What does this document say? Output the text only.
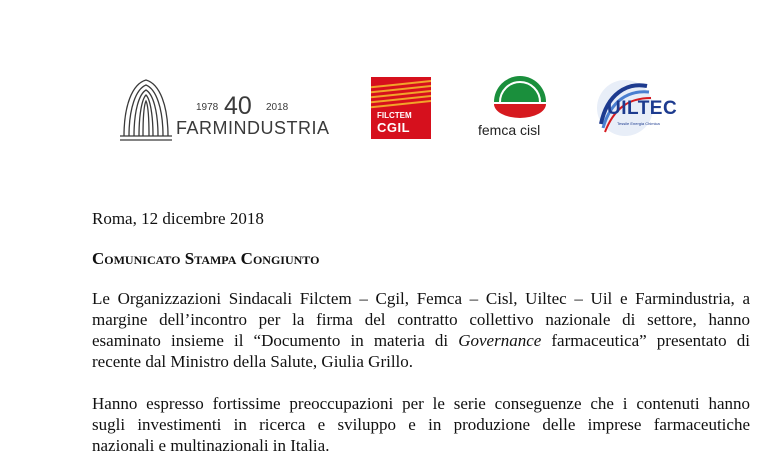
1978 40 2018
FARMINDUSTRIA
FILCTEM
CGIL	femca cisl
UILTEC
Tessile Energia Chimica
Roma, 12 dicembre 2018
Comunicato Stampa Congiunto
Le Organizzazioni Sindacali Filctem – Cgil, Femca – Cisl, Uiltec – Uil e Farmindustria, a
margine dell’incontro per la firma del contratto collettivo nazionale di settore, hanno
esaminato insieme il “Documento in materia di Governance farmaceutica” presentato di
recente dal Ministro della Salute, Giulia Grillo.
Hanno espresso fortissime preoccupazioni per le serie conseguenze che i contenuti hanno
sugli investimenti in ricerca e sviluppo e in produzione delle imprese farmaceutiche
nazionali e multinazionali in Italia.
